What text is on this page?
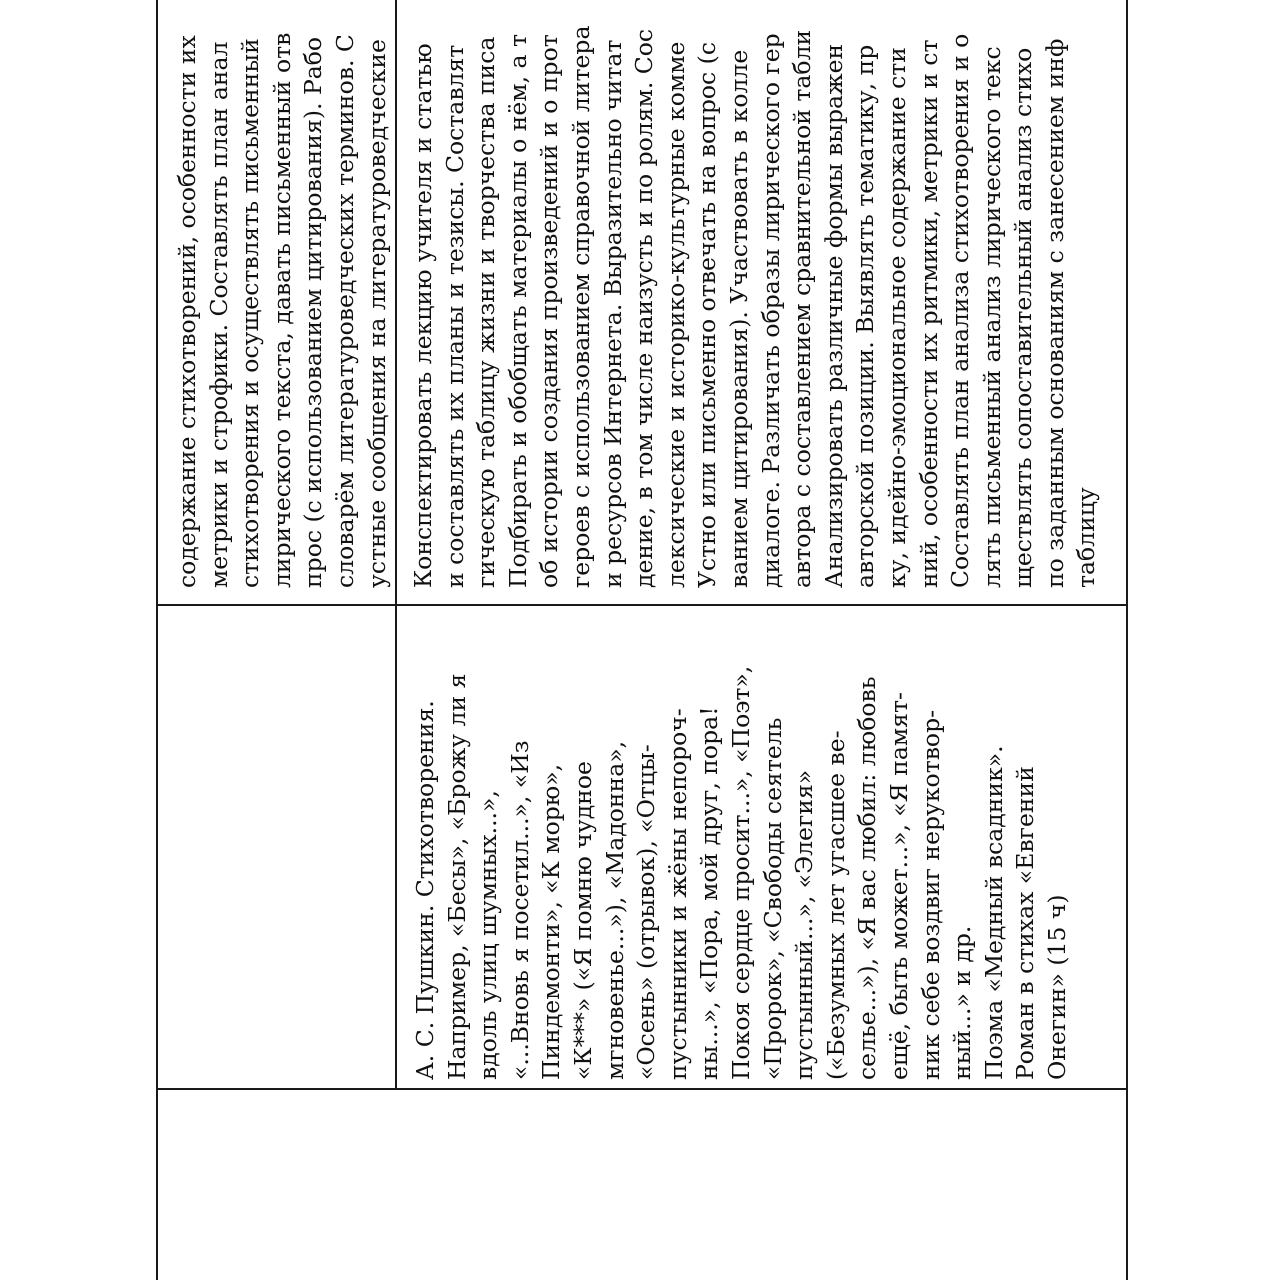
содержание стихотворений, особенности их метрики и строфики. Составлять план анал стихотворения и осуществлять письменный лирического текста, давать письменный отв прос (с использованием цитирования). Рабо словарём литературоведческих терминов. С устные сообщения на литературоведческие
А. С. Пушкин. Стихотворения. Например, «Бесы», «Брожу ли я вдоль улиц шумных...», «...Вновь я посетил...», «Из Пиндемонти», «К морю», «К***» («Я помню чудное мгновенье...»), «Мадонна», «Осень» (отрывок), «Отцы- пустынники и жёны непороч- ны...», «Пора, мой друг, пора! Покоя сердце просит...», «Поэт», «Пророк», «Свободы сеятель пустынный...», «Элегия» («Безумных лет угасшее ве- селье...»), «Я вас любил: любовь ещё, быть может...», «Я памят- ник себе воздвиг нерукотвор- ный...» и др. Поэма «Медный всадник». Роман в стихах «Евгений Онегин» (15 ч)
Конспектировать лекцию учителя и статью и составлять их планы и тезисы. Составлят гическую таблицу жизни и творчества писа Подбирать и обобщать материалы о нём, а т об истории создания произведений и о прот героев с использованием справочной литера и ресурсов Интернета. Выразительно читат дение, в том числе наизусть и по ролям. Сос лексические и историко-культурные комме Устно или письменно отвечать на вопрос (с ванием цитирования). Участвовать в колле диалоге. Различать образы лирического гер автора с составлением сравнительной табли Анализировать различные формы выражен авторской позиции. Выявлять тематику, пр ку, идейно-эмоциональное содержание сти ний, особенности их ритмики, метрики и ст Составлять план анализа стихотворения и о лять письменный анализ лирического текс ществлять сопоставительный анализ стихо по заданным основаниям с занесением инф таблицу
